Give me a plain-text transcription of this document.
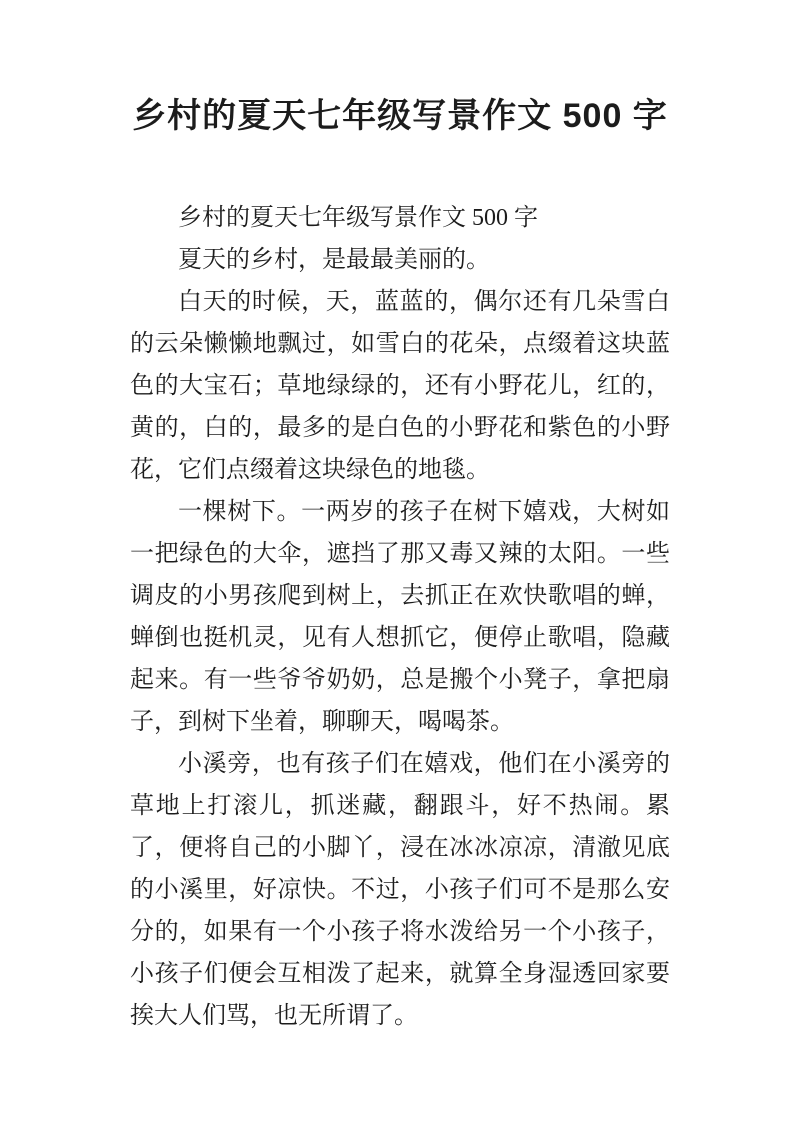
乡村的夏天七年级写景作文 500 字

乡村的夏天七年级写景作文 500 字

夏天的乡村，是最最美丽的。

白天的时候，天，蓝蓝的，偶尔还有几朵雪白的云朵懒懒地飘过，如雪白的花朵，点缀着这块蓝色的大宝石；草地绿绿的，还有小野花儿，红的，黄的，白的，最多的是白色的小野花和紫色的小野花，它们点缀着这块绿色的地毯。

一棵树下。一两岁的孩子在树下嬉戏，大树如一把绿色的大伞，遮挡了那又毒又辣的太阳。一些调皮的小男孩爬到树上，去抓正在欢快歌唱的蝉，蝉倒也挺机灵，见有人想抓它，便停止歌唱，隐藏起来。有一些爷爷奶奶，总是搬个小凳子，拿把扇子，到树下坐着，聊聊天，喝喝茶。

小溪旁，也有孩子们在嬉戏，他们在小溪旁的草地上打滚儿，抓迷藏，翻跟斗，好不热闹。累了，便将自己的小脚丫，浸在冰冰凉凉，清澈见底的小溪里，好凉快。不过，小孩子们可不是那么安分的，如果有一个小孩子将水泼给另一个小孩子，小孩子们便会互相泼了起来，就算全身湿透回家要挨大人们骂，也无所谓了。
